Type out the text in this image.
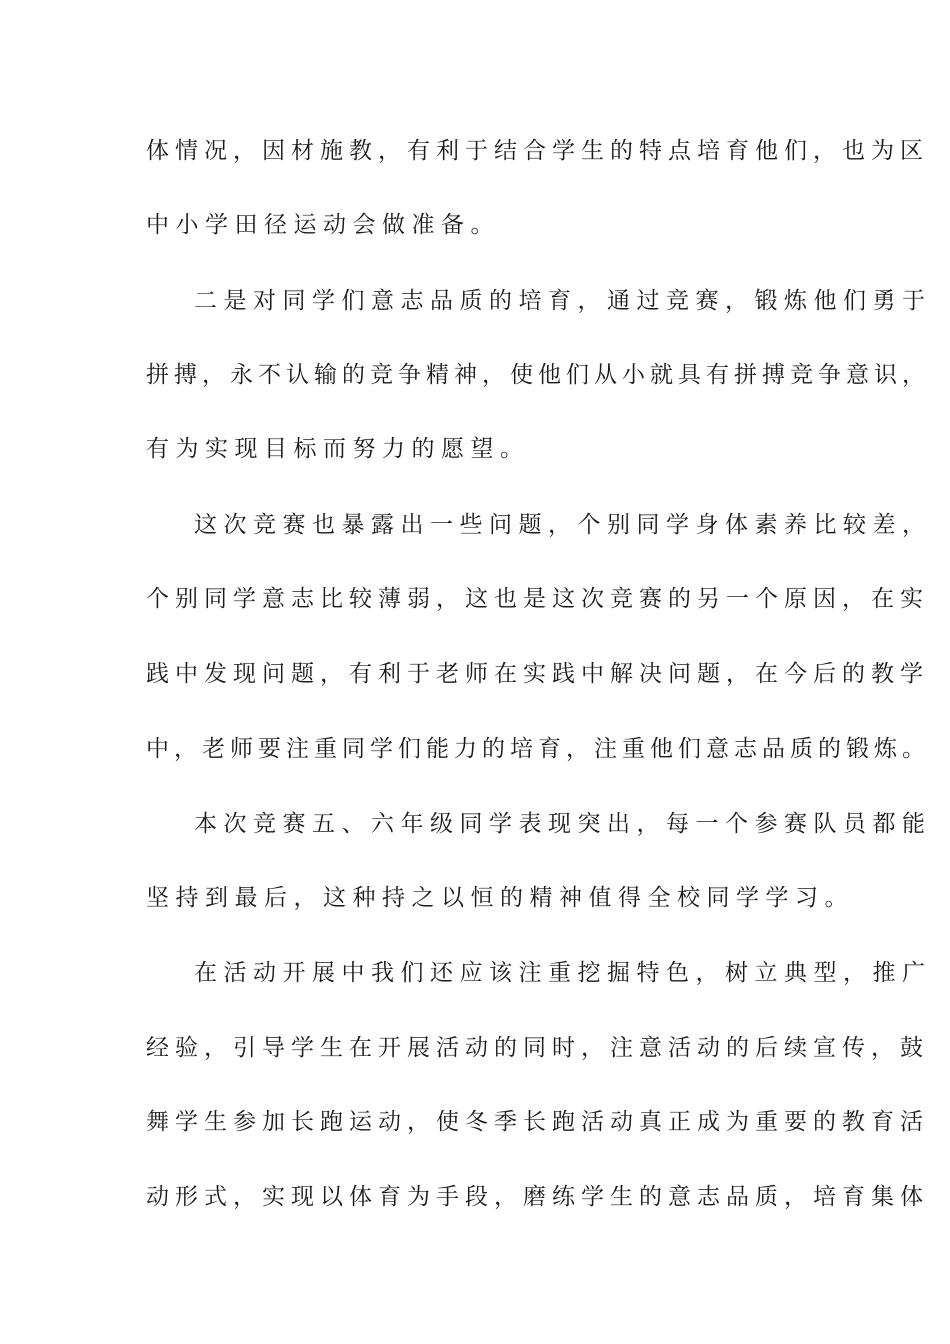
体情况，因材施教，有利于结合学生的特点培育他们，也为区
中小学田径运动会做准备。
二是对同学们意志品质的培育，通过竞赛，锻炼他们勇于
拼搏，永不认输的竞争精神，使他们从小就具有拼搏竞争意识，
有为实现目标而努力的愿望。
这次竞赛也暴露出一些问题，个别同学身体素养比较差，
个别同学意志比较薄弱，这也是这次竞赛的另一个原因，在实
践中发现问题，有利于老师在实践中解决问题，在今后的教学
中，老师要注重同学们能力的培育，注重他们意志品质的锻炼。
本次竞赛五、六年级同学表现突出，每一个参赛队员都能
坚持到最后，这种持之以恒的精神值得全校同学学习。
在活动开展中我们还应该注重挖掘特色，树立典型，推广
经验，引导学生在开展活动的同时，注意活动的后续宣传，鼓
舞学生参加长跑运动，使冬季长跑活动真正成为重要的教育活
动形式，实现以体育为手段，磨练学生的意志品质，培育集体
